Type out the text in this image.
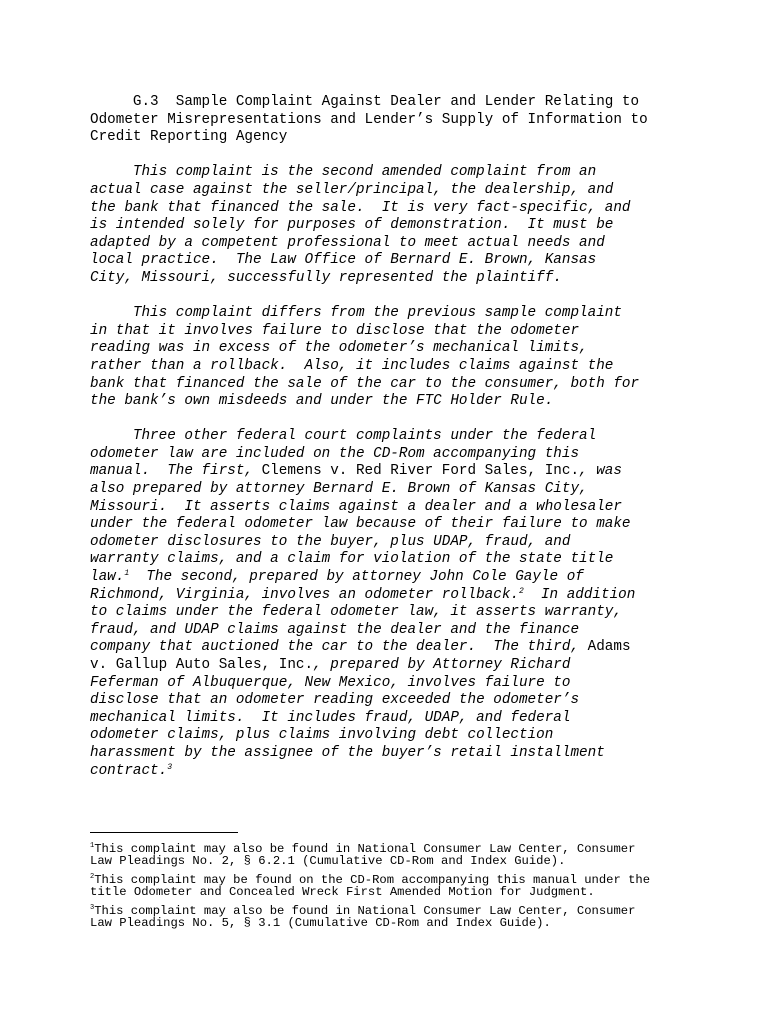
G.3  Sample Complaint Against Dealer and Lender Relating to
Odometer Misrepresentations and Lender’s Supply of Information to
Credit Reporting Agency
This complaint is the second amended complaint from an
actual case against the seller/principal, the dealership, and
the bank that financed the sale.  It is very fact-specific, and
is intended solely for purposes of demonstration.  It must be
adapted by a competent professional to meet actual needs and
local practice.  The Law Office of Bernard E. Brown, Kansas
City, Missouri, successfully represented the plaintiff.
This complaint differs from the previous sample complaint
in that it involves failure to disclose that the odometer
reading was in excess of the odometer’s mechanical limits,
rather than a rollback.  Also, it includes claims against the
bank that financed the sale of the car to the consumer, both for
the bank’s own misdeeds and under the FTC Holder Rule.
Three other federal court complaints under the federal
odometer law are included on the CD-Rom accompanying this
manual.  The first, Clemens v. Red River Ford Sales, Inc., was
also prepared by attorney Bernard E. Brown of Kansas City,
Missouri.  It asserts claims against a dealer and a wholesaler
under the federal odometer law because of their failure to make
odometer disclosures to the buyer, plus UDAP, fraud, and
warranty claims, and a claim for violation of the state title
law.$^1$  The second, prepared by attorney John Cole Gayle of
Richmond, Virginia, involves an odometer rollback.$^2$  In addition
to claims under the federal odometer law, it asserts warranty,
fraud, and UDAP claims against the dealer and the finance
company that auctioned the car to the dealer.  The third, Adams
v. Gallup Auto Sales, Inc., prepared by Attorney Richard
Feferman of Albuquerque, New Mexico, involves failure to
disclose that an odometer reading exceeded the odometer’s
mechanical limits.  It includes fraud, UDAP, and federal
odometer claims, plus claims involving debt collection
harassment by the assignee of the buyer’s retail installment
contract.$^3$
$^1$This complaint may also be found in National Consumer Law Center, Consumer
Law Pleadings No. 2, § 6.2.1 (Cumulative CD-Rom and Index Guide).
$^2$This complaint may be found on the CD-Rom accompanying this manual under the
title Odometer and Concealed Wreck First Amended Motion for Judgment.
$^3$This complaint may also be found in National Consumer Law Center, Consumer
Law Pleadings No. 5, § 3.1 (Cumulative CD-Rom and Index Guide).
